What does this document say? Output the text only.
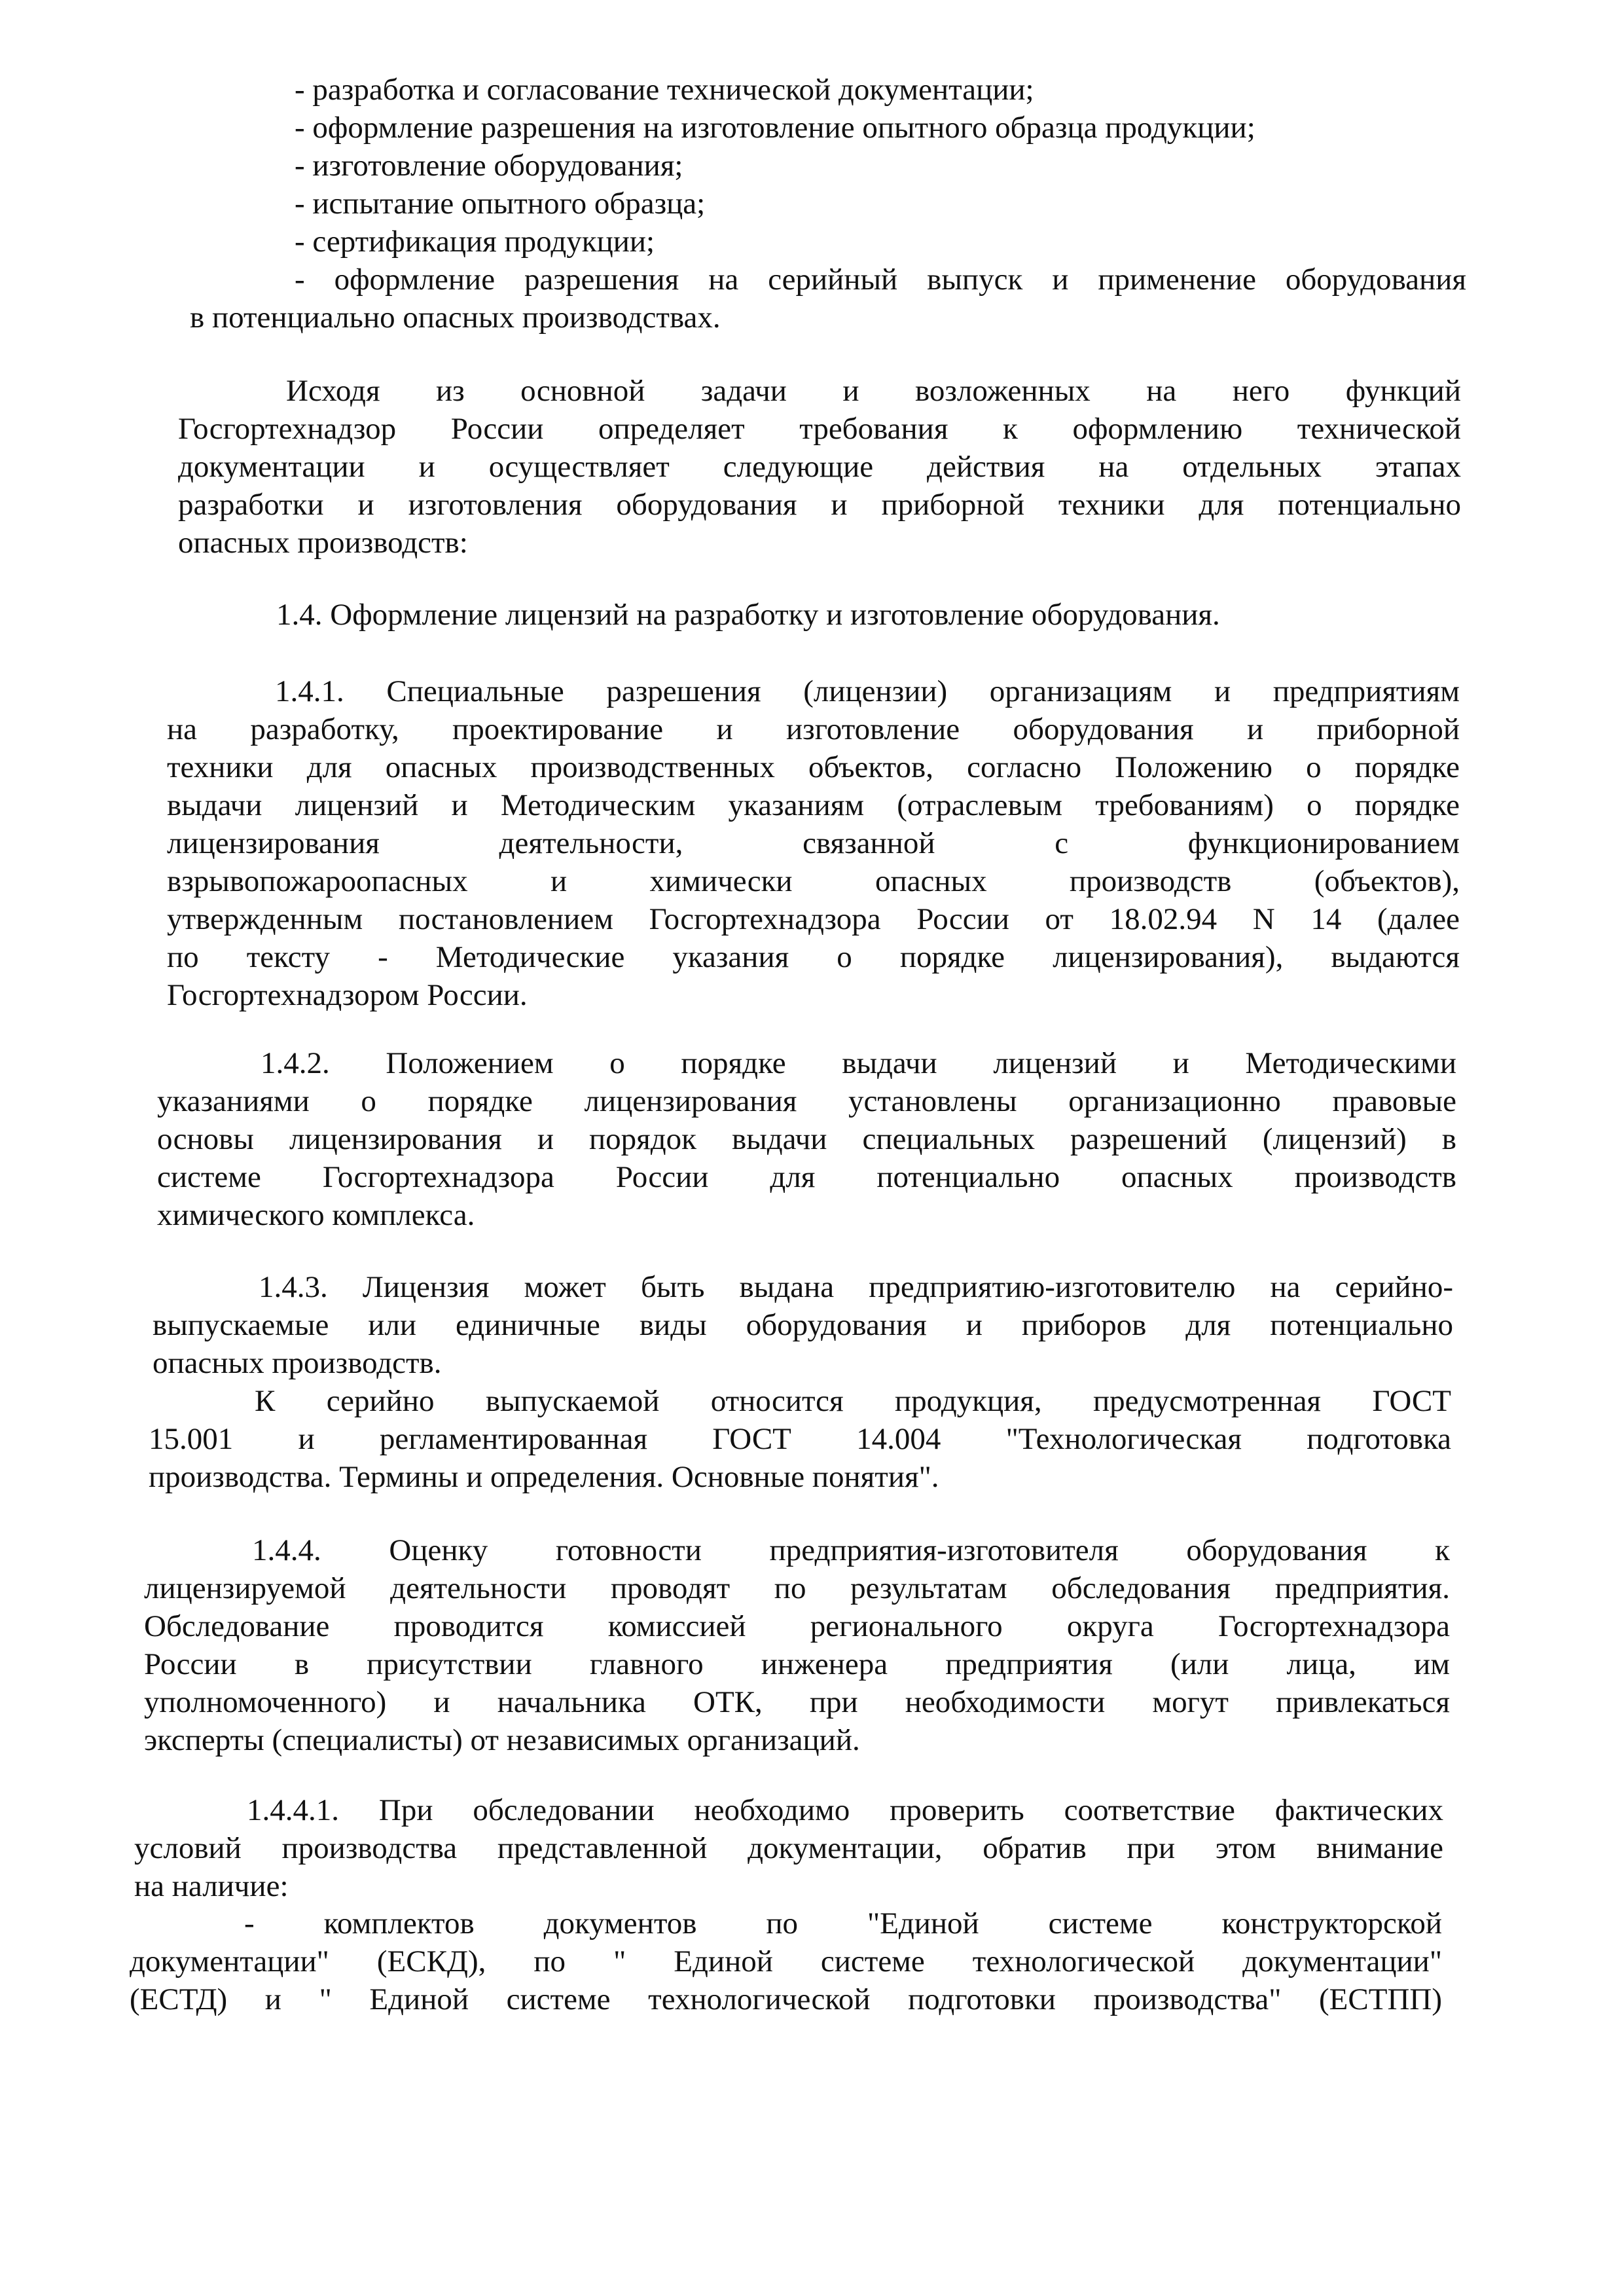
- разработка и согласование технической документации;
- оформление разрешения на изготовление опытного образца продукции;
- изготовление оборудования;
- испытание опытного образца;
- сертификация продукции;
- оформление разрешения на серийный выпуск и применение оборудования
в потенциально опасных производствах.
Исходя из основной задачи и возложенных на него функций
Госгортехнадзор России определяет требования к оформлению технической
документации и осуществляет следующие действия на отдельных этапах
разработки и изготовления оборудования и приборной техники для потенциально
опасных производств:
1.4. Оформление лицензий на разработку и изготовление оборудования.
1.4.1. Специальные разрешения (лицензии) организациям и предприятиям
на разработку, проектирование и изготовление оборудования и приборной
техники для опасных производственных объектов, согласно Положению о порядке
выдачи лицензий и Методическим указаниям (отраслевым требованиям) о порядке
лицензирования деятельности, связанной с функционированием
взрывопожароопасных и химически опасных производств (объектов),
утвержденным постановлением Госгортехнадзора России от 18.02.94 N 14 (далее
по тексту - Методические указания о порядке лицензирования), выдаются
Госгортехнадзором России.
1.4.2. Положением о порядке выдачи лицензий и Методическими
указаниями о порядке лицензирования установлены организационно правовые
основы лицензирования и порядок выдачи специальных разрешений (лицензий) в
системе Госгортехнадзора России для потенциально опасных производств
химического комплекса.
1.4.3. Лицензия может быть выдана предприятию-изготовителю на серийно-
выпускаемые или единичные виды оборудования и приборов для потенциально
опасных производств.
К серийно выпускаемой относится продукция, предусмотренная ГОСТ
15.001 и регламентированная ГОСТ 14.004 "Технологическая подготовка
производства. Термины и определения. Основные понятия".
1.4.4. Оценку готовности предприятия-изготовителя оборудования к
лицензируемой деятельности проводят по результатам обследования предприятия.
Обследование проводится комиссией регионального округа Госгортехнадзора
России в присутствии главного инженера предприятия (или лица, им
уполномоченного) и начальника ОТК, при необходимости могут привлекаться
эксперты (специалисты) от независимых организаций.
1.4.4.1. При обследовании необходимо проверить соответствие фактических
условий производства представленной документации, обратив при этом внимание
на наличие:
- комплектов документов по "Единой системе конструкторской
документации" (ЕСКД), по " Единой системе технологической документации"
(ЕСТД) и " Единой системе технологической подготовки производства" (ЕСТПП)
